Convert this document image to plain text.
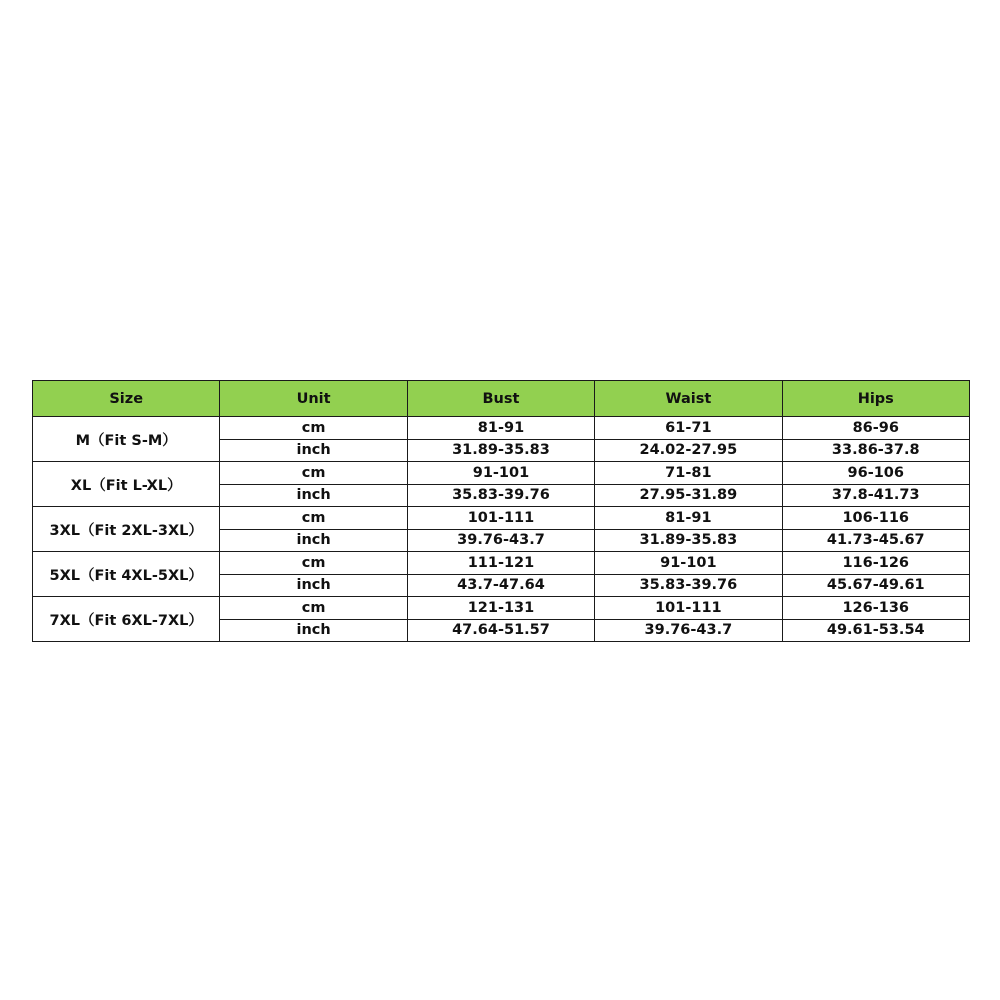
Size	Unit	Bust	Waist	Hips
M（Fit S-M）	cm	81-91	61-71	86-96
	inch	31.89-35.83	24.02-27.95	33.86-37.8
XL（Fit L-XL）	cm	91-101	71-81	96-106
	inch	35.83-39.76	27.95-31.89	37.8-41.73
3XL（Fit 2XL-3XL）	cm	101-111	81-91	106-116
	inch	39.76-43.7	31.89-35.83	41.73-45.67
5XL（Fit 4XL-5XL）	cm	111-121	91-101	116-126
	inch	43.7-47.64	35.83-39.76	45.67-49.61
7XL（Fit 6XL-7XL）	cm	121-131	101-111	126-136
	inch	47.64-51.57	39.76-43.7	49.61-53.54
